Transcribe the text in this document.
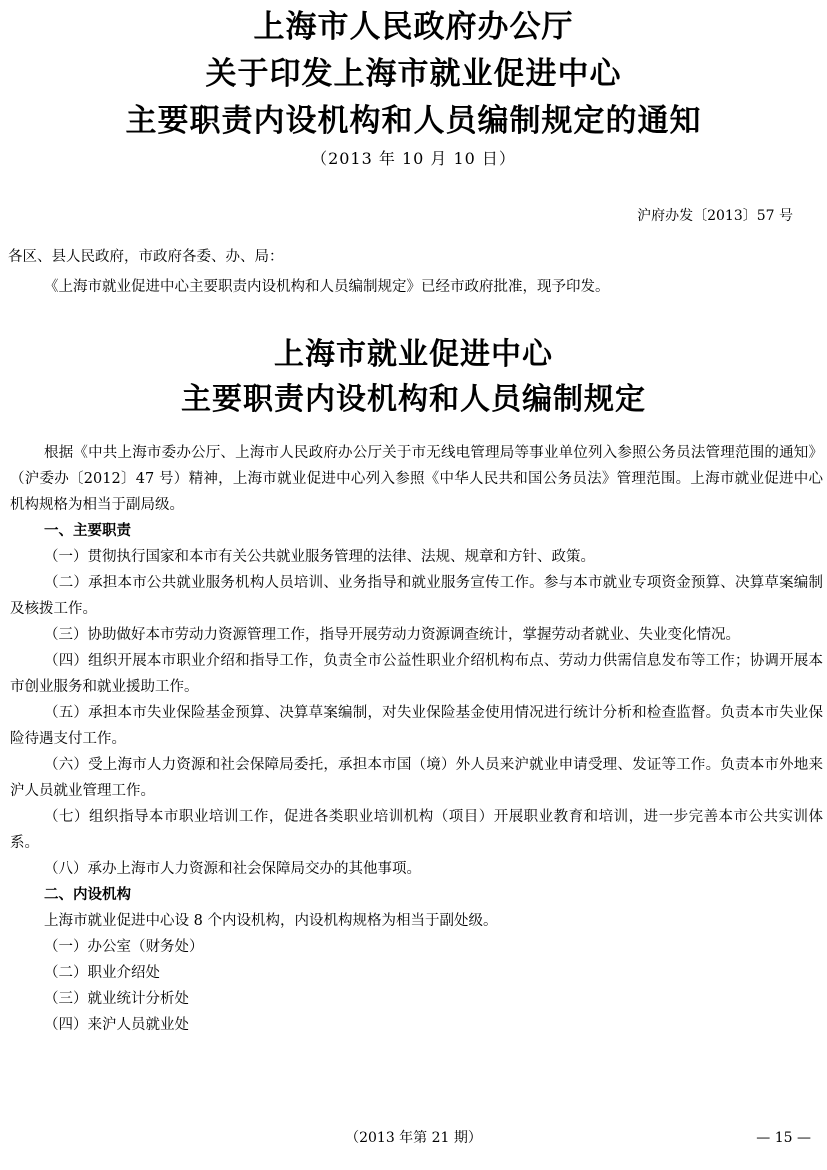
上海市人民政府办公厅
关于印发上海市就业促进中心
主要职责内设机构和人员编制规定的通知
（2013 年 10 月 10 日）
沪府办发〔2013〕57 号
各区、县人民政府，市政府各委、办、局：
《上海市就业促进中心主要职责内设机构和人员编制规定》已经市政府批准，现予印发。
上海市就业促进中心
主要职责内设机构和人员编制规定
根据《中共上海市委办公厅、上海市人民政府办公厅关于市无线电管理局等事业单位列入参照公务员法管理范围的通知》（沪委办〔2012〕47 号）精神，上海市就业促进中心列入参照《中华人民共和国公务员法》管理范围。上海市就业促进中心机构规格为相当于副局级。
一、主要职责
（一）贯彻执行国家和本市有关公共就业服务管理的法律、法规、规章和方针、政策。
（二）承担本市公共就业服务机构人员培训、业务指导和就业服务宣传工作。参与本市就业专项资金预算、决算草案编制及核拨工作。
（三）协助做好本市劳动力资源管理工作，指导开展劳动力资源调查统计，掌握劳动者就业、失业变化情况。
（四）组织开展本市职业介绍和指导工作，负责全市公益性职业介绍机构布点、劳动力供需信息发布等工作；协调开展本市创业服务和就业援助工作。
（五）承担本市失业保险基金预算、决算草案编制，对失业保险基金使用情况进行统计分析和检查监督。负责本市失业保险待遇支付工作。
（六）受上海市人力资源和社会保障局委托，承担本市国（境）外人员来沪就业申请受理、发证等工作。负责本市外地来沪人员就业管理工作。
（七）组织指导本市职业培训工作，促进各类职业培训机构（项目）开展职业教育和培训，进一步完善本市公共实训体系。
（八）承办上海市人力资源和社会保障局交办的其他事项。
二、内设机构
上海市就业促进中心设 8 个内设机构，内设机构规格为相当于副处级。
（一）办公室（财务处）
（二）职业介绍处
（三）就业统计分析处
（四）来沪人员就业处
（2013 年第 21 期）	— 15 —
